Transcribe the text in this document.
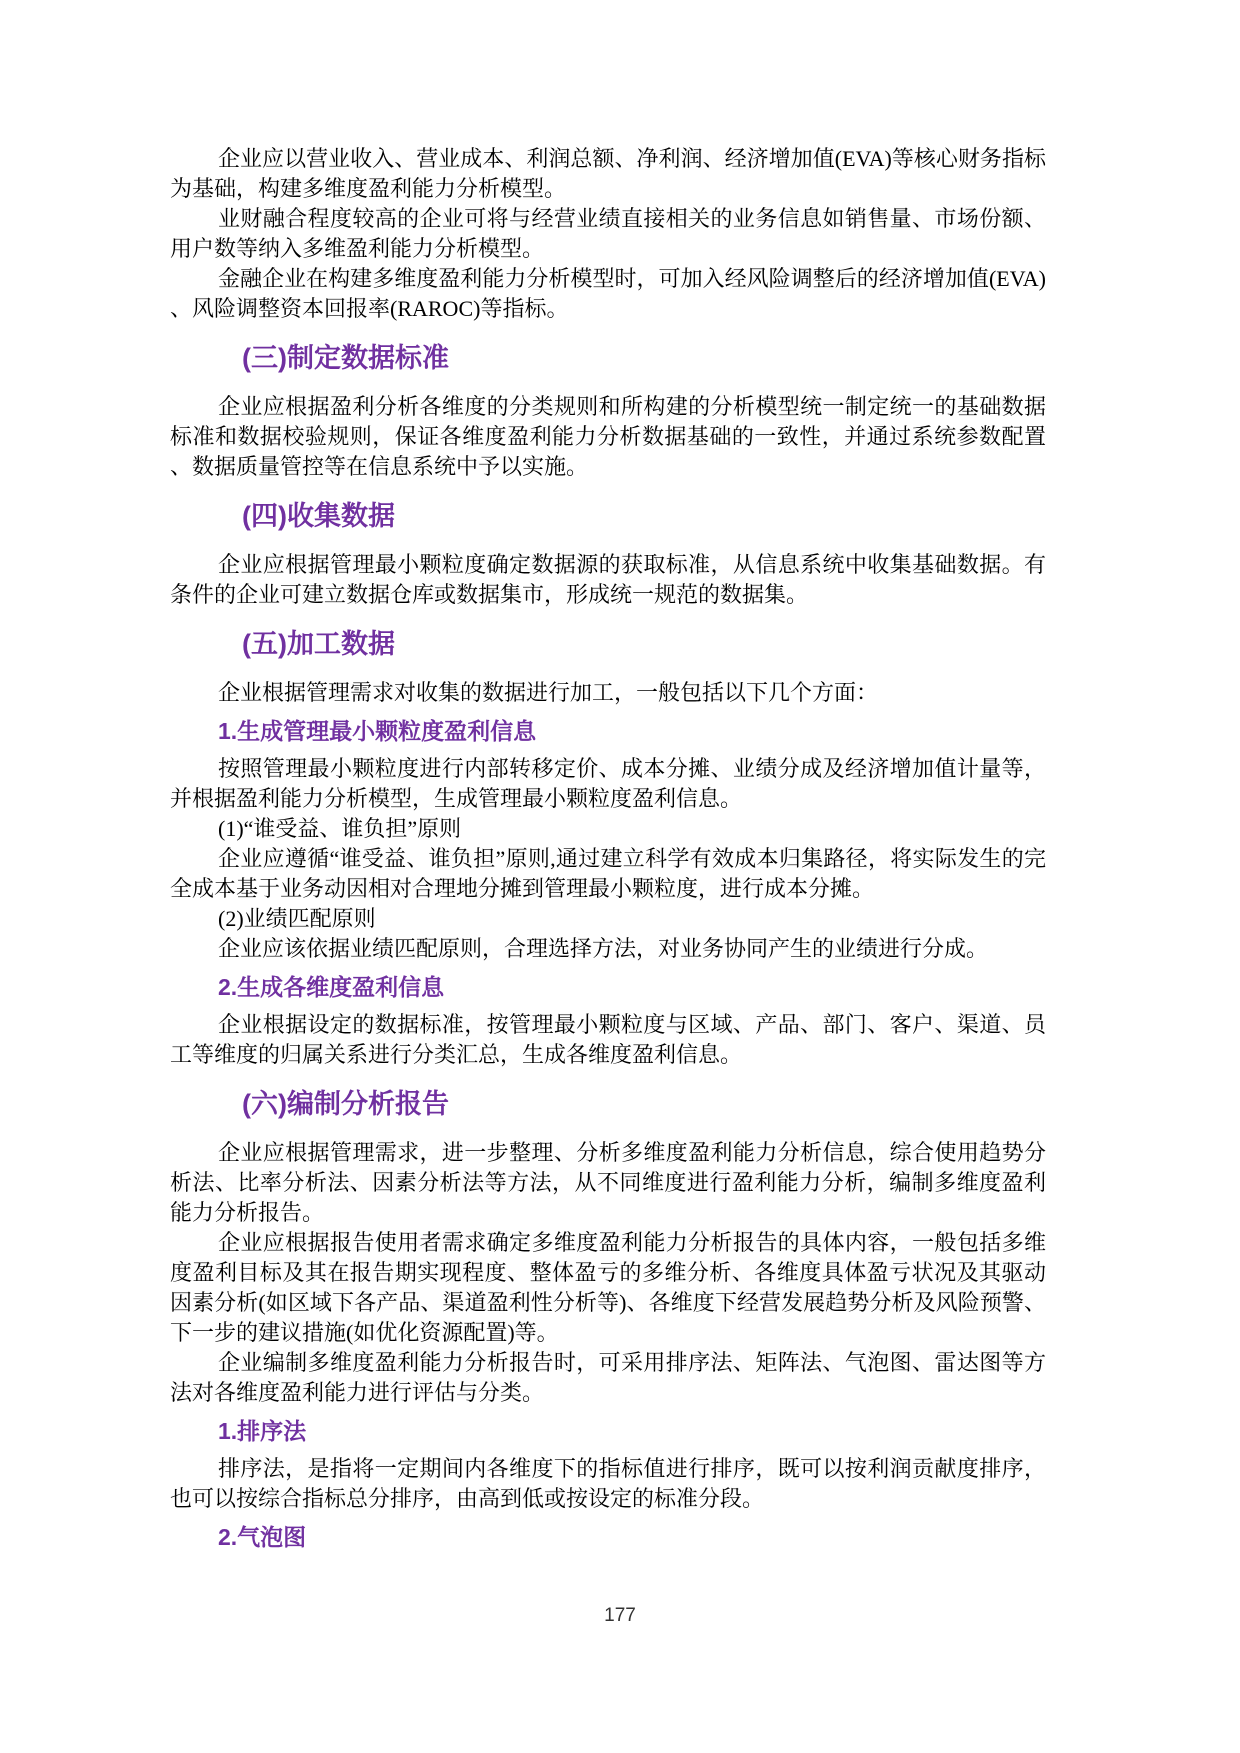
企业应以营业收入、营业成本、利润总额、净利润、经济增加值(EVA)等核心财务指标为基础，构建多维度盈利能力分析模型。

业财融合程度较高的企业可将与经营业绩直接相关的业务信息如销售量、市场份额、用户数等纳入多维盈利能力分析模型。

金融企业在构建多维度盈利能力分析模型时，可加入经风险调整后的经济增加值(EVA)、风险调整资本回报率(RAROC)等指标。

(三)制定数据标准

企业应根据盈利分析各维度的分类规则和所构建的分析模型统一制定统一的基础数据标准和数据校验规则，保证各维度盈利能力分析数据基础的一致性，并通过系统参数配置、数据质量管控等在信息系统中予以实施。

(四)收集数据

企业应根据管理最小颗粒度确定数据源的获取标准，从信息系统中收集基础数据。有条件的企业可建立数据仓库或数据集市，形成统一规范的数据集。

(五)加工数据

企业根据管理需求对收集的数据进行加工，一般包括以下几个方面：

1.生成管理最小颗粒度盈利信息

按照管理最小颗粒度进行内部转移定价、成本分摊、业绩分成及经济增加值计量等，并根据盈利能力分析模型，生成管理最小颗粒度盈利信息。

(1)“谁受益、谁负担”原则

企业应遵循“谁受益、谁负担”原则,通过建立科学有效成本归集路径，将实际发生的完全成本基于业务动因相对合理地分摊到管理最小颗粒度，进行成本分摊。

(2)业绩匹配原则

企业应该依据业绩匹配原则，合理选择方法，对业务协同产生的业绩进行分成。

2.生成各维度盈利信息

企业根据设定的数据标准，按管理最小颗粒度与区域、产品、部门、客户、渠道、员工等维度的归属关系进行分类汇总，生成各维度盈利信息。

(六)编制分析报告

企业应根据管理需求，进一步整理、分析多维度盈利能力分析信息，综合使用趋势分析法、比率分析法、因素分析法等方法，从不同维度进行盈利能力分析，编制多维度盈利能力分析报告。

企业应根据报告使用者需求确定多维度盈利能力分析报告的具体内容，一般包括多维度盈利目标及其在报告期实现程度、整体盈亏的多维分析、各维度具体盈亏状况及其驱动因素分析(如区域下各产品、渠道盈利性分析等)、各维度下经营发展趋势分析及风险预警、下一步的建议措施(如优化资源配置)等。

企业编制多维度盈利能力分析报告时，可采用排序法、矩阵法、气泡图、雷达图等方法对各维度盈利能力进行评估与分类。

1.排序法

排序法，是指将一定期间内各维度下的指标值进行排序，既可以按利润贡献度排序，也可以按综合指标总分排序，由高到低或按设定的标准分段。

2.气泡图
177
